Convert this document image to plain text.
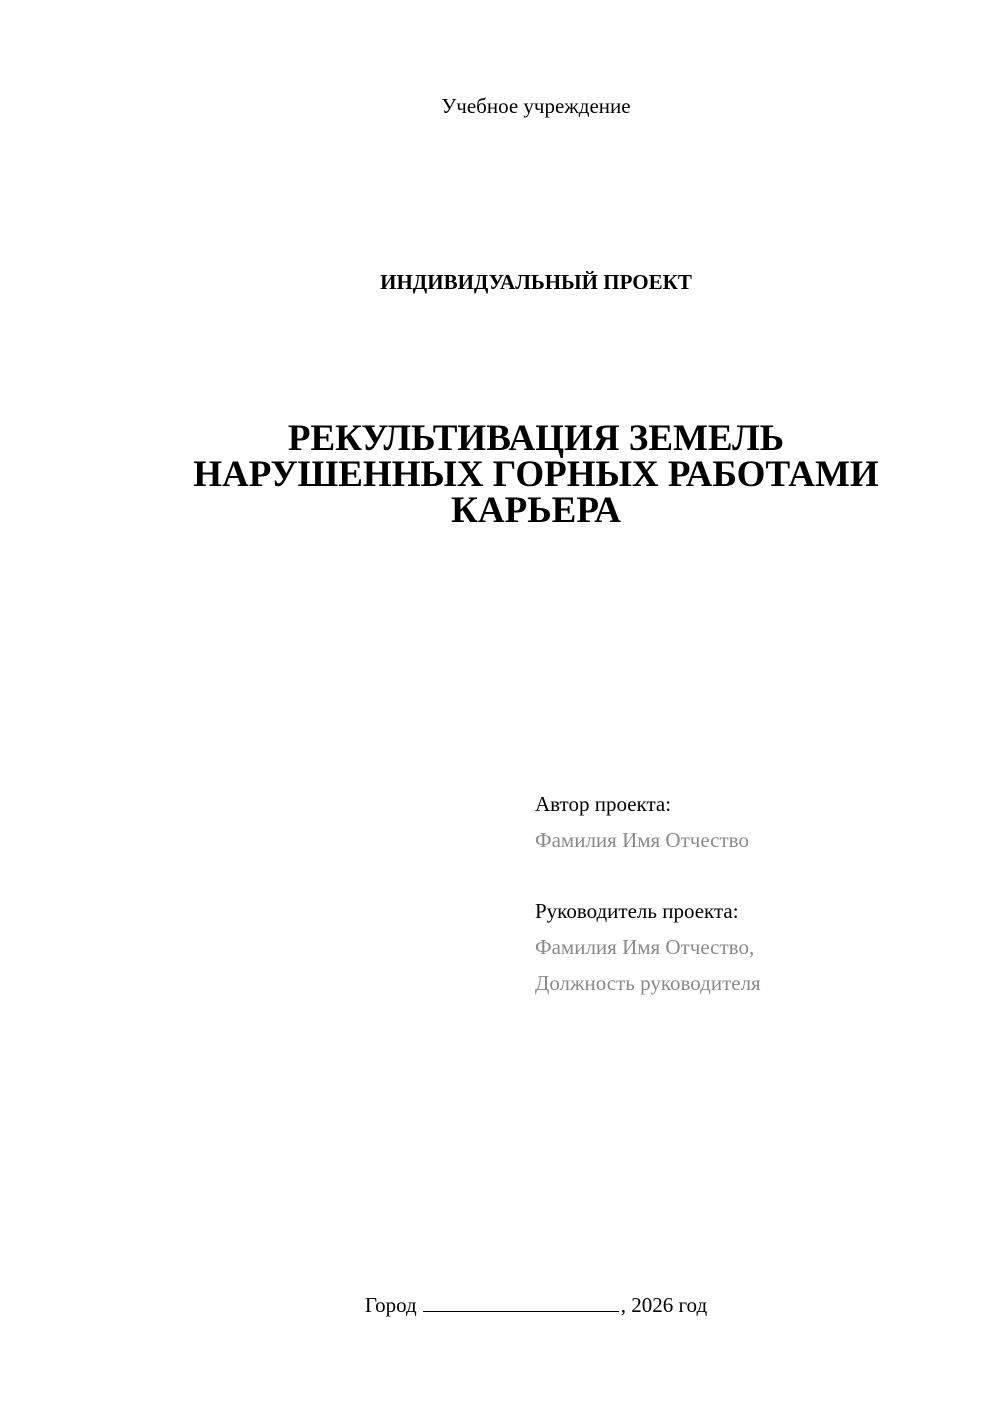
Учебное учреждение
ИНДИВИДУАЛЬНЫЙ ПРОЕКТ
РЕКУЛЬТИВАЦИЯ ЗЕМЕЛЬ
НАРУШЕННЫХ ГОРНЫХ РАБОТАМИ
КАРЬЕРА
Автор проекта:
Фамилия Имя Отчество
Руководитель проекта:
Фамилия Имя Отчество,
Должность руководителя
Город	, 2026 год
